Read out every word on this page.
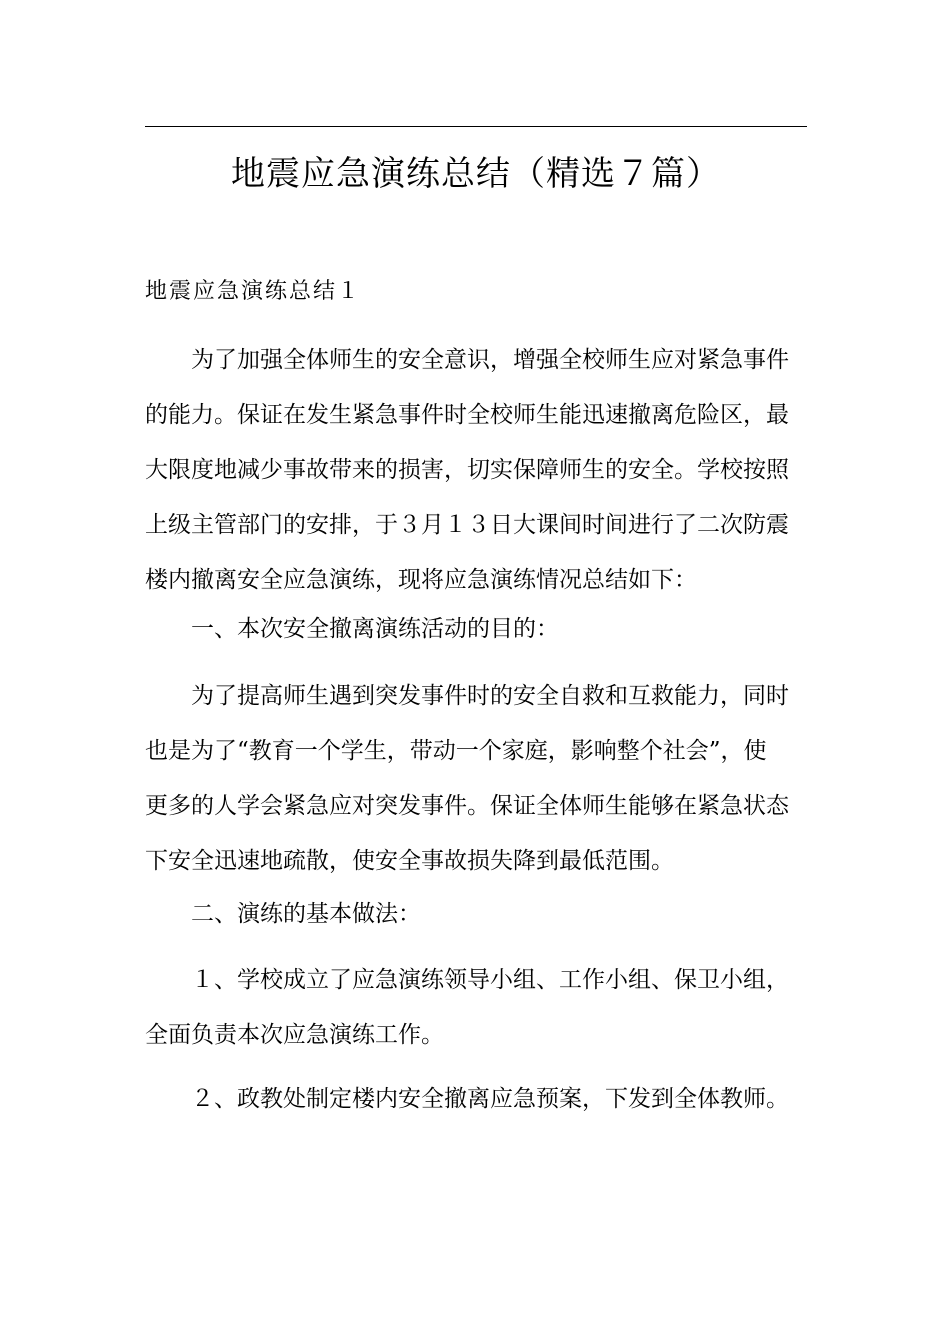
地震应急演练总结（精选７篇）
地震应急演练总结１
　　为了加强全体师生的安全意识，增强全校师生应对紧急事件
的能力。保证在发生紧急事件时全校师生能迅速撤离危险区，最
大限度地减少事故带来的损害，切实保障师生的安全。学校按照
上级主管部门的安排，于３月１３日大课间时间进行了二次防震
楼内撤离安全应急演练，现将应急演练情况总结如下：
　　一、本次安全撤离演练活动的目的：
　　为了提高师生遇到突发事件时的安全自救和互救能力，同时
也是为了“教育一个学生，带动一个家庭，影响整个社会”，使
更多的人学会紧急应对突发事件。保证全体师生能够在紧急状态
下安全迅速地疏散，使安全事故损失降到最低范围。
　　二、演练的基本做法：
　　１、学校成立了应急演练领导小组、工作小组、保卫小组，
全面负责本次应急演练工作。
　　２、政教处制定楼内安全撤离应急预案，下发到全体教师。
